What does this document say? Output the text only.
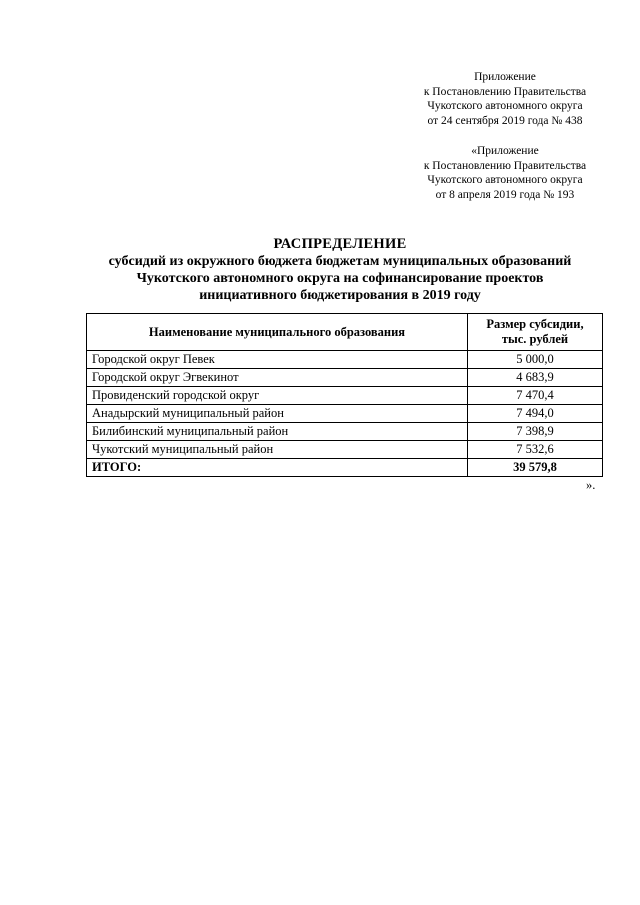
Приложение
к Постановлению Правительства
Чукотского автономного округа
от 24 сентября 2019 года № 438
«Приложение
к Постановлению Правительства
Чукотского автономного округа
от 8 апреля 2019 года № 193
РАСПРЕДЕЛЕНИЕ
субсидий из окружного бюджета бюджетам муниципальных образований
Чукотского автономного округа на софинансирование проектов
инициативного бюджетирования в 2019 году
Наименование муниципального образования	Размер субсидии,
тыс. рублей

Городской округ Певек	5 000,0
Городской округ Эгвекинот	4 683,9
Провиденский городской округ	7 470,4
Анадырский муниципальный район	7 494,0
Билибинский муниципальный район	7 398,9
Чукотский муниципальный район	7 532,6
ИТОГО:	39 579,8
».
